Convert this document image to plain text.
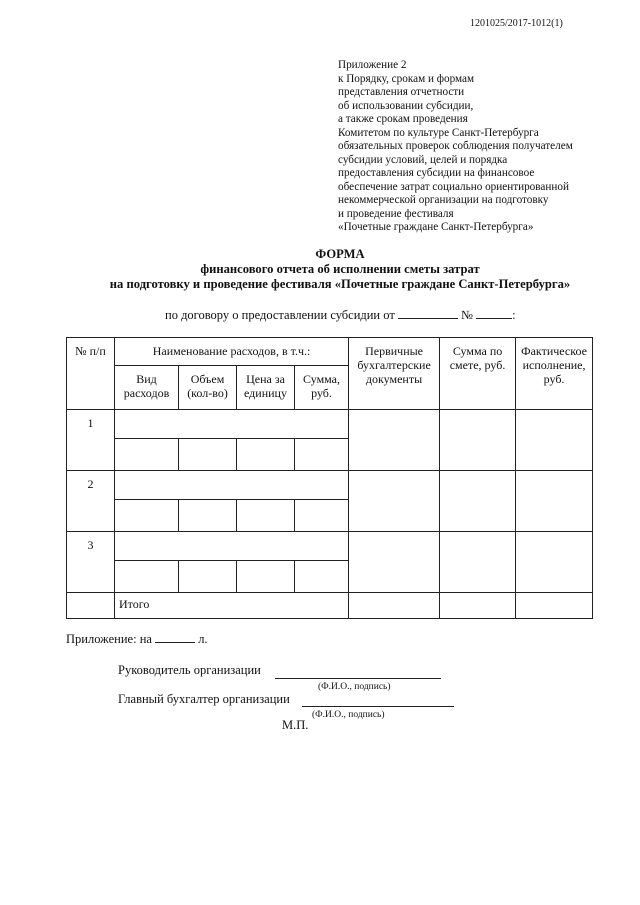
1201025/2017-1012(1)
Приложение 2
к Порядку, срокам и формам
представления отчетности
об использовании субсидии,
а также срокам проведения
Комитетом по культуре Санкт-Петербурга
обязательных проверок соблюдения получателем
субсидии условий, целей и порядка
предоставления субсидии на финансовое
обеспечение затрат социально ориентированной
некоммерческой организации на подготовку
и проведение фестиваля
«Почетные граждане Санкт-Петербурга»
ФОРМА
финансового отчета об исполнении сметы затрат
на подготовку и проведение фестиваля «Почетные граждане Санкт-Петербурга»
по договору о предоставлении субсидии от	№	:
№ п/п	Наименование расходов, в т.ч.:				Первичные бухгалтерские документы	Сумма по смете, руб.	Фактическое исполнение, руб.
	Вид расходов	Объем (кол-во)	Цена за единицу	Сумма, руб.			
1							

2							

3							

	Итого						
Приложение: на	л.
Руководитель организации
(Ф.И.О., подпись)
Главный бухгалтер организации
(Ф.И.О., подпись)
М.П.
